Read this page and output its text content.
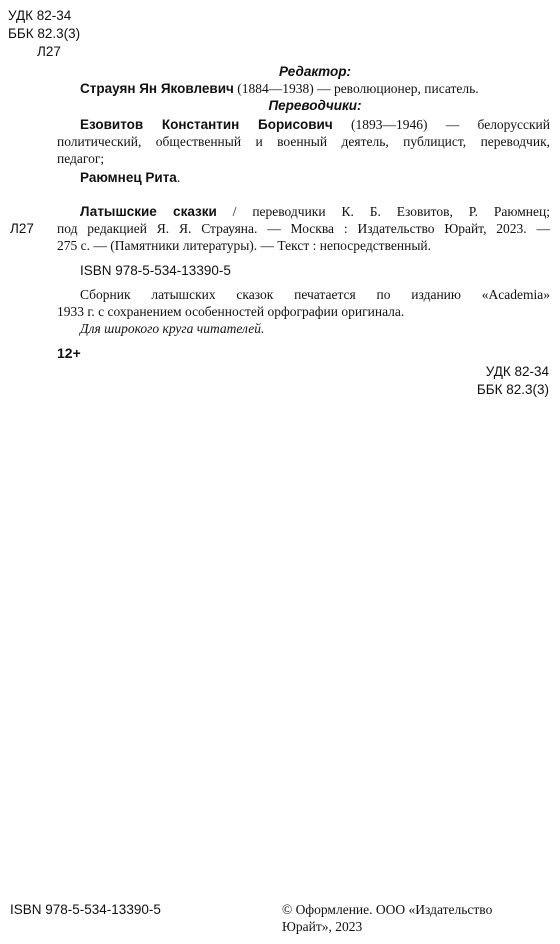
УДК 82-34
ББК 82.3(3)
Л27
Редактор:
Страуян Ян Яковлевич (1884—1938) — революционер, писатель.
Переводчики:
Езовитов Константин Борисович (1893—1946) — белорусский
политический, общественный и военный деятель, публицист, переводчик,
педагог;
Раюмнец Рита.
Л27
Латышские сказки / переводчики К. Б. Езовитов, Р. Раюмнец;
под редакцией Я. Я. Страуяна. — Москва : Издательство Юрайт, 2023. —
275 с. — (Памятники литературы). — Текст : непосредственный.
ISBN 978-5-534-13390-5
Сборник латышских сказок печатается по изданию «Academia»
1933 г. с сохранением особенностей орфографии оригинала.
Для широкого круга читателей.
12+
УДК 82-34
ББК 82.3(3)
ISBN 978-5-534-13390-5	© Оформление. ООО «Издательство
Юрайт», 2023
